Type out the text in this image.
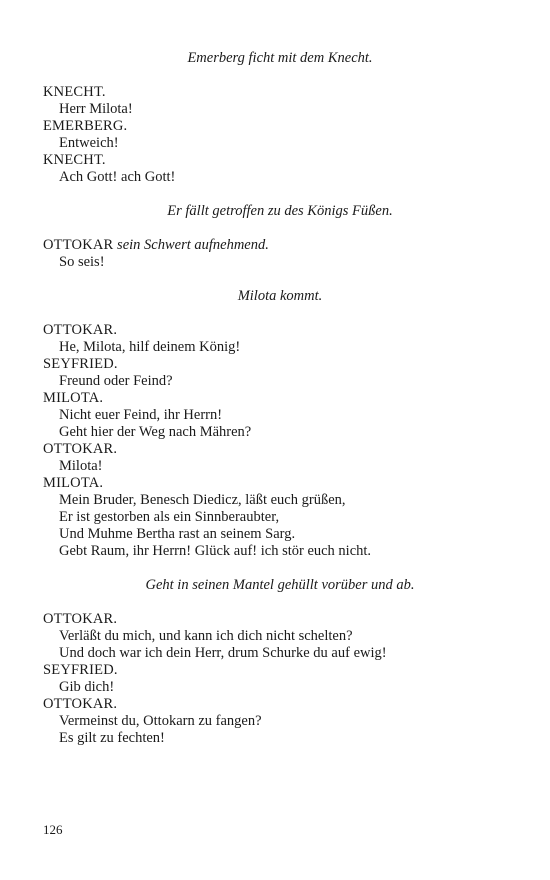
Emerberg ficht mit dem Knecht.

KNECHT.

Herr Milota!

EMERBERG.

Entweich!

KNECHT.

Ach Gott! ach Gott!

Er fällt getroffen zu des Königs Füßen.

OTTOKAR sein Schwert aufnehmend.

So seis!

Milota kommt.

OTTOKAR.

He, Milota, hilf deinem König!

SEYFRIED.

Freund oder Feind?

MILOTA.

Nicht euer Feind, ihr Herrn!

Geht hier der Weg nach Mähren?

OTTOKAR.

Milota!

MILOTA.

Mein Bruder, Benesch Diedicz, läßt euch grüßen,

Er ist gestorben als ein Sinnberaubter,

Und Muhme Bertha rast an seinem Sarg.

Gebt Raum, ihr Herrn! Glück auf! ich stör euch nicht.

Geht in seinen Mantel gehüllt vorüber und ab.

OTTOKAR.

Verläßt du mich, und kann ich dich nicht schelten?

Und doch war ich dein Herr, drum Schurke du auf ewig!

SEYFRIED.

Gib dich!

OTTOKAR.

Vermeinst du, Ottokarn zu fangen?

Es gilt zu fechten!

126
